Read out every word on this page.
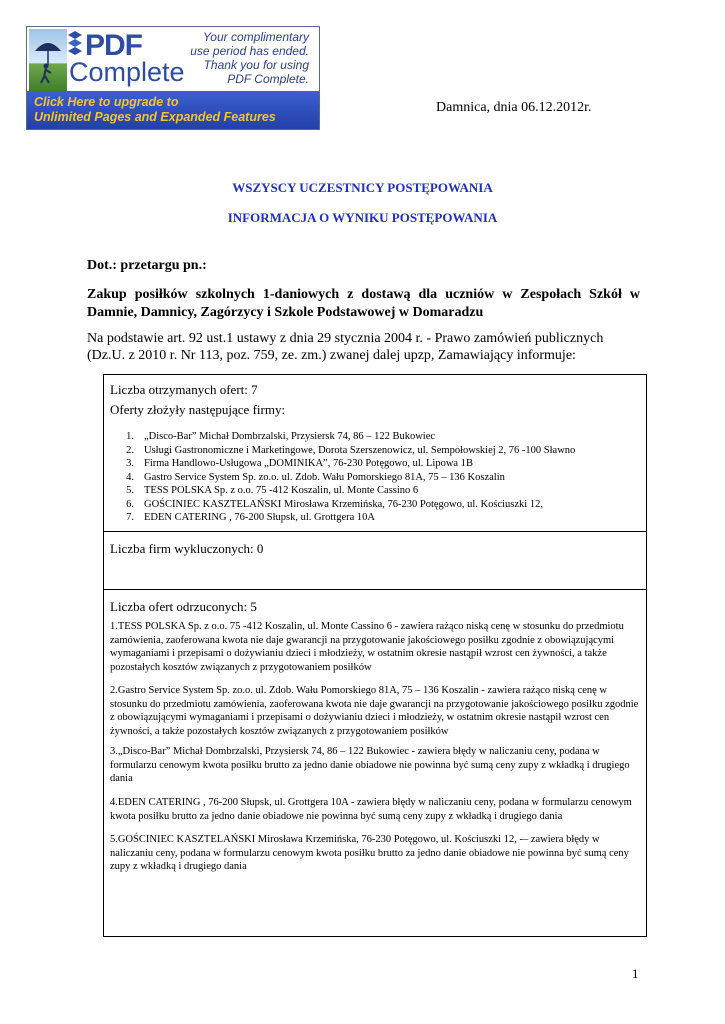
PDF
Complete
Your complimentary
use period has ended.
Thank you for using
PDF Complete.
Click Here to upgrade to
Unlimited Pages and Expanded Features
Damnica, dnia 06.12.2012r.
WSZYSCY UCZESTNICY POSTĘPOWANIA
INFORMACJA O WYNIKU POSTĘPOWANIA
Dot.: przetargu pn.:
Zakup posiłków szkolnych 1-daniowych z dostawą dla uczniów w Zespołach Szkół w Damnie, Damnicy, Zagórzycy i Szkole Podstawowej w Domaradzu
Na podstawie art. 92 ust.1 ustawy z dnia 29 stycznia 2004 r. - Prawo zamówień publicznych (Dz.U. z 2010 r. Nr 113, poz. 759, ze. zm.) zwanej dalej upzp, Zamawiający informuje:
Liczba otrzymanych ofert: 7
Oferty złożyły następujące firmy:
1. „Disco-Bar” Michał Dombrzalski, Przysiersk 74, 86 – 122 Bukowiec
2. Usługi Gastronomiczne i Marketingowe, Dorota Szerszenowicz, ul. Sempołowskiej 2, 76 -100 Sławno
3. Firma Handlowo-Usługowa „DOMINIKA”, 76-230 Potęgowo, ul. Lipowa 1B
4. Gastro Service System Sp. zo.o. ul. Zdob. Wału Pomorskiego 81A, 75 – 136 Koszalin
5. TESS POLSKA Sp. z o.o. 75 -412 Koszalin, ul. Monte Cassino 6
6. GOŚCINIEC KASZTELAŃSKI Mirosława Krzemińska, 76-230 Potęgowo, ul. Kościuszki 12,
7. EDEN CATERING , 76-200 Słupsk, ul. Grottgera 10A
Liczba firm wykluczonych: 0
Liczba ofert odrzuconych: 5
1.TESS POLSKA Sp. z o.o. 75 -412 Koszalin, ul. Monte Cassino 6 - zawiera rażąco niską cenę w stosunku do przedmiotu zamówienia, zaoferowana kwota nie daje gwarancji na przygotowanie jakościowego posiłku zgodnie z obowiązującymi wymaganiami i przepisami o dożywianiu dzieci i młodzieży, w ostatnim okresie nastąpił wzrost cen żywności, a także pozostałych kosztów związanych z przygotowaniem posiłków
2.Gastro Service System Sp. zo.o. ul. Zdob. Wału Pomorskiego 81A, 75 – 136 Koszalin - zawiera rażąco niską cenę w stosunku do przedmiotu zamówienia, zaoferowana kwota nie daje gwarancji na przygotowanie jakościowego posiłku zgodnie z obowiązującymi wymaganiami i przepisami o dożywianiu dzieci i młodzieży, w ostatnim okresie nastąpił wzrost cen żywności, a także pozostałych kosztów związanych z przygotowaniem posiłków
3.„Disco-Bar” Michał Dombrzalski, Przysiersk 74, 86 – 122 Bukowiec - zawiera błędy w naliczaniu ceny, podana w formularzu cenowym kwota posiłku brutto za jedno danie obiadowe nie powinna być sumą ceny zupy z wkładką i drugiego dania
4.EDEN CATERING , 76-200 Słupsk, ul. Grottgera 10A - zawiera błędy w naliczaniu ceny, podana w formularzu cenowym kwota posiłku brutto za jedno danie obiadowe nie powinna być sumą ceny zupy z wkładką i drugiego dania
5.GOŚCINIEC KASZTELAŃSKI Mirosława Krzemińska, 76-230 Potęgowo, ul. Kościuszki 12, -– zawiera błędy w naliczaniu ceny, podana w formularzu cenowym kwota posiłku brutto za jedno danie obiadowe nie powinna być sumą ceny zupy z wkładką i drugiego dania
1
